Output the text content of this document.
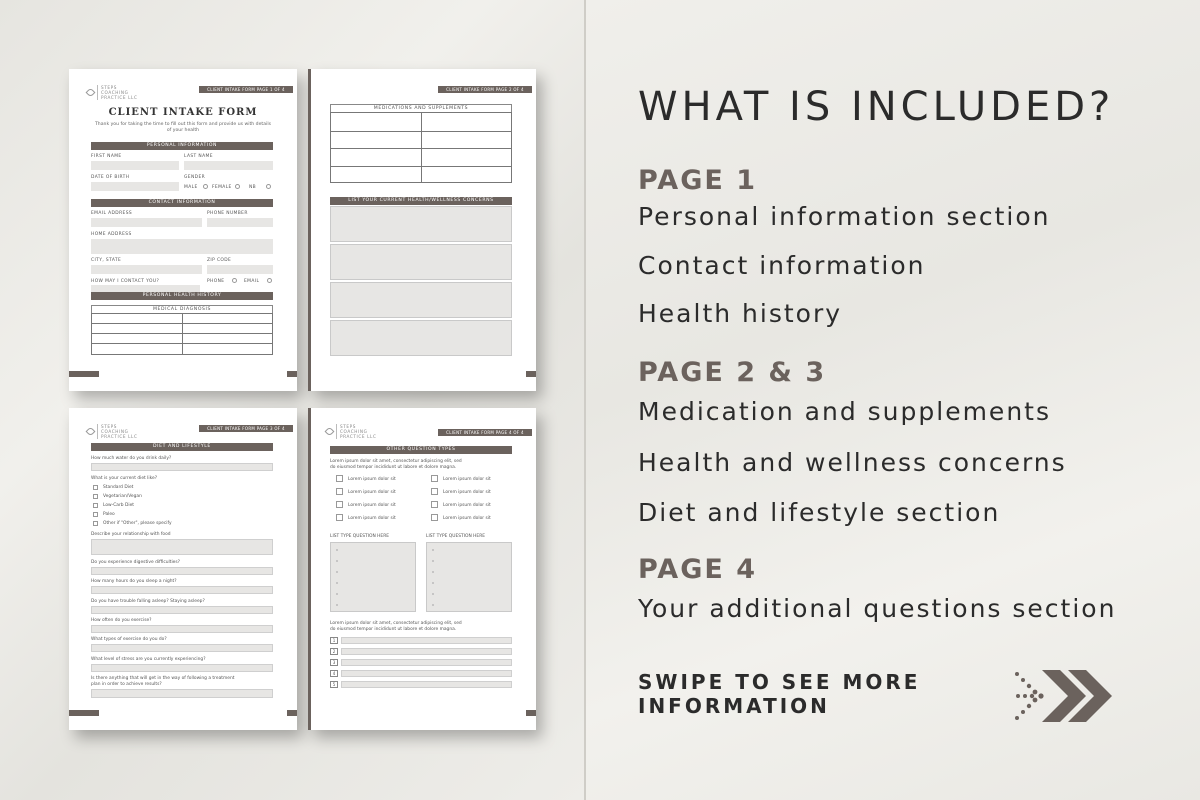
STEPS COACHING
PRACTICE LLC
CLIENT INTAKE FORM PAGE 1 OF 4
CLIENT INTAKE FORM
Thank you for taking the time to fill out this form and provide us with details of your health
PERSONAL INFORMATION
FIRST NAME	LAST NAME
DATE OF BIRTH	GENDER
MALE	FEMALE	NB
CONTACT INFORMATION
EMAIL ADDRESS	PHONE NUMBER
HOME ADDRESS
CITY, STATE	ZIP CODE
HOW MAY I CONTACT YOU?	PHONE	EMAIL
PERSONAL HEALTH HISTORY
MEDICAL DIAGNOSIS
CLIENT INTAKE FORM PAGE 2 OF 4
MEDICATIONS AND SUPPLEMENTS
LIST YOUR CURRENT HEALTH/WELLNESS CONCERNS
STEPS COACHING
PRACTICE LLC
CLIENT INTAKE FORM PAGE 3 OF 4
DIET AND LIFESTYLE
How much water do you drink daily?
What is your current diet like?
Standard Diet
Vegetarian/Vegan
Low-Carb Diet
Paleo
Other if "Other", please specify
Describe your relationship with food
Do you experience digestive difficulties?
How many hours do you sleep a night?
Do you have trouble falling asleep? Staying asleep?
How often do you exercise?
What types of exercise do you do?
What level of stress are you currently experiencing?
Is there anything that will get in the way of following a treatment
plan in order to achieve results?
STEPS COACHING
PRACTICE LLC
CLIENT INTAKE FORM PAGE 4 OF 4
OTHER QUESTION TYPES
Lorem ipsum dolor sit amet, consectetur adipiscing elit, sed
do eiusmod tempor incididunt ut labore et dolore magna.
Lorem ipsum dolor sit	Lorem ipsum dolor sit
Lorem ipsum dolor sit	Lorem ipsum dolor sit
Lorem ipsum dolor sit	Lorem ipsum dolor sit
Lorem ipsum dolor sit	Lorem ipsum dolor sit
LIST TYPE QUESTION HERE	LIST TYPE QUESTION HERE
Lorem ipsum dolor sit amet, consectetur adipiscing elit, sed
do eiusmod tempor incididunt ut labore et dolore magna.
1
2
3
4
5
WHAT IS INCLUDED?
PAGE 1
Personal information section
Contact information
Health history
PAGE 2 & 3
Medication and supplements
Health and wellness concerns
Diet and lifestyle section
PAGE 4
Your additional questions section
SWIPE TO SEE MORE
INFORMATION
